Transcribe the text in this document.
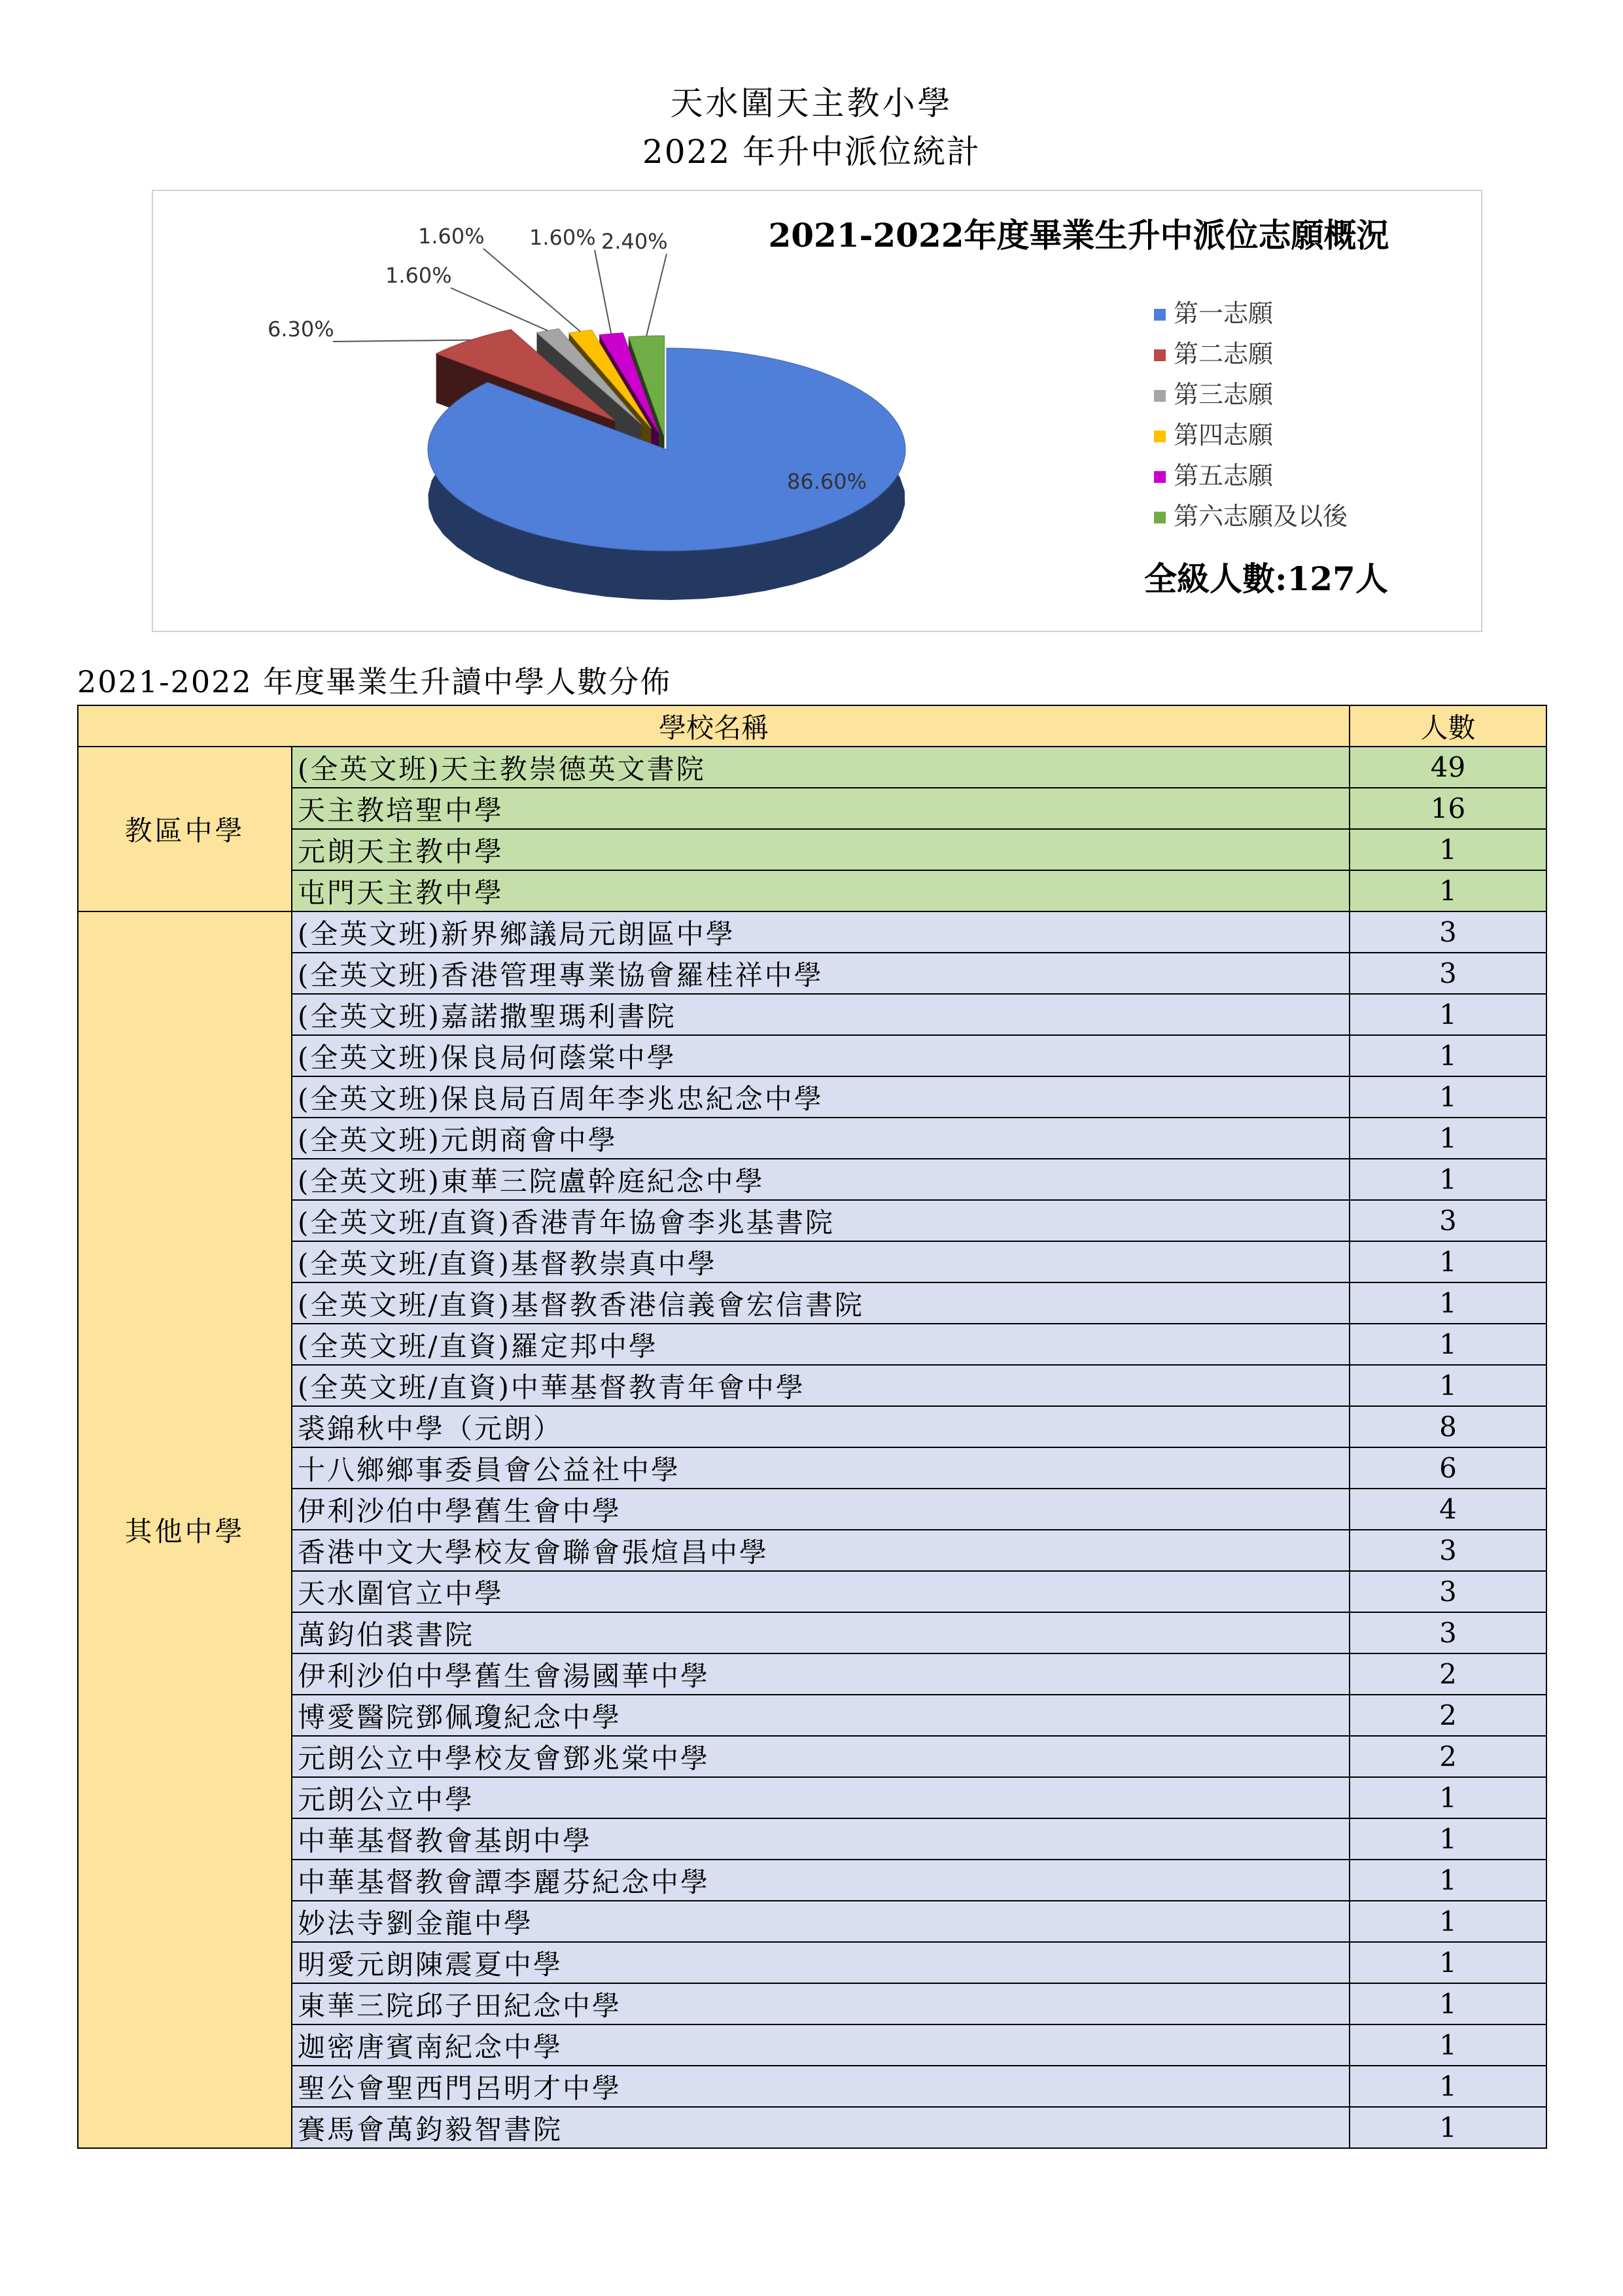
天水圍天主教小學
2022 年升中派位統計
86.60%
6.30%
1.60%
1.60% 1.60% 2.40%	2021-2022年度畢業生升中派位志願概況
第一志願
第二志願
第三志願
第四志願
第五志願
第六志願及以後
全級人數:127人
2021-2022 年度畢業生升讀中學人數分佈
學校名稱		人數
教區中學	(全英文班)天主教崇德英文書院	49
	天主教培聖中學	16
	元朗天主教中學	1
	屯門天主教中學	1
其他中學	(全英文班)新界鄉議局元朗區中學	3
	(全英文班)香港管理專業協會羅桂祥中學	3
	(全英文班)嘉諾撒聖瑪利書院	1
	(全英文班)保良局何蔭棠中學	1
	(全英文班)保良局百周年李兆忠紀念中學	1
	(全英文班)元朗商會中學	1
	(全英文班)東華三院盧幹庭紀念中學	1
	(全英文班/直資)香港青年協會李兆基書院	3
	(全英文班/直資)基督教崇真中學	1
	(全英文班/直資)基督教香港信義會宏信書院	1
	(全英文班/直資)羅定邦中學	1
	(全英文班/直資)中華基督教青年會中學	1
	裘錦秋中學（元朗）	8
	十八鄉鄉事委員會公益社中學	6
	伊利沙伯中學舊生會中學	4
	香港中文大學校友會聯會張煊昌中學	3
	天水圍官立中學	3
	萬鈞伯裘書院	3
	伊利沙伯中學舊生會湯國華中學	2
	博愛醫院鄧佩瓊紀念中學	2
	元朗公立中學校友會鄧兆棠中學	2
	元朗公立中學	1
	中華基督教會基朗中學	1
	中華基督教會譚李麗芬紀念中學	1
	妙法寺劉金龍中學	1
	明愛元朗陳震夏中學	1
	東華三院邱子田紀念中學	1
	迦密唐賓南紀念中學	1
	聖公會聖西門呂明才中學	1
	賽馬會萬鈞毅智書院	1
